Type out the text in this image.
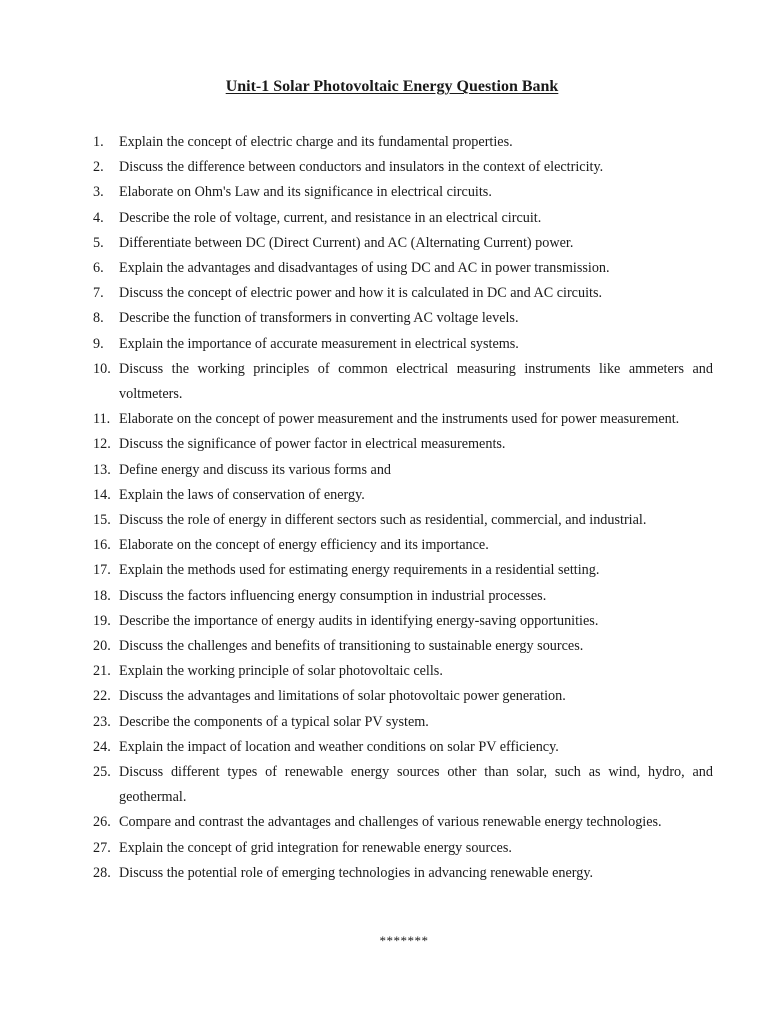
Unit-1 Solar Photovoltaic Energy Question Bank
1.	Explain the concept of electric charge and its fundamental properties.
2.	Discuss the difference between conductors and insulators in the context of electricity.
3.	Elaborate on Ohm's Law and its significance in electrical circuits.
4.	Describe the role of voltage, current, and resistance in an electrical circuit.
5.	Differentiate between DC (Direct Current) and AC (Alternating Current) power.
6.	Explain the advantages and disadvantages of using DC and AC in power transmission.
7.	Discuss the concept of electric power and how it is calculated in DC and AC circuits.
8.	Describe the function of transformers in converting AC voltage levels.
9.	Explain the importance of accurate measurement in electrical systems.
10. Discuss the working principles of common electrical measuring instruments like ammeters and voltmeters.
11. Elaborate on the concept of power measurement and the instruments used for power measurement.
12. Discuss the significance of power factor in electrical measurements.
13. Define energy and discuss its various forms and
14. Explain the laws of conservation of energy.
15. Discuss the role of energy in different sectors such as residential, commercial, and industrial.
16. Elaborate on the concept of energy efficiency and its importance.
17. Explain the methods used for estimating energy requirements in a residential setting.
18. Discuss the factors influencing energy consumption in industrial processes.
19. Describe the importance of energy audits in identifying energy-saving opportunities.
20. Discuss the challenges and benefits of transitioning to sustainable energy sources.
21. Explain the working principle of solar photovoltaic cells.
22. Discuss the advantages and limitations of solar photovoltaic power generation.
23. Describe the components of a typical solar PV system.
24. Explain the impact of location and weather conditions on solar PV efficiency.
25. Discuss different types of renewable energy sources other than solar, such as wind, hydro, and geothermal.
26. Compare and contrast the advantages and challenges of various renewable energy technologies.
27. Explain the concept of grid integration for renewable energy sources.
28. Discuss the potential role of emerging technologies in advancing renewable energy.

*******
